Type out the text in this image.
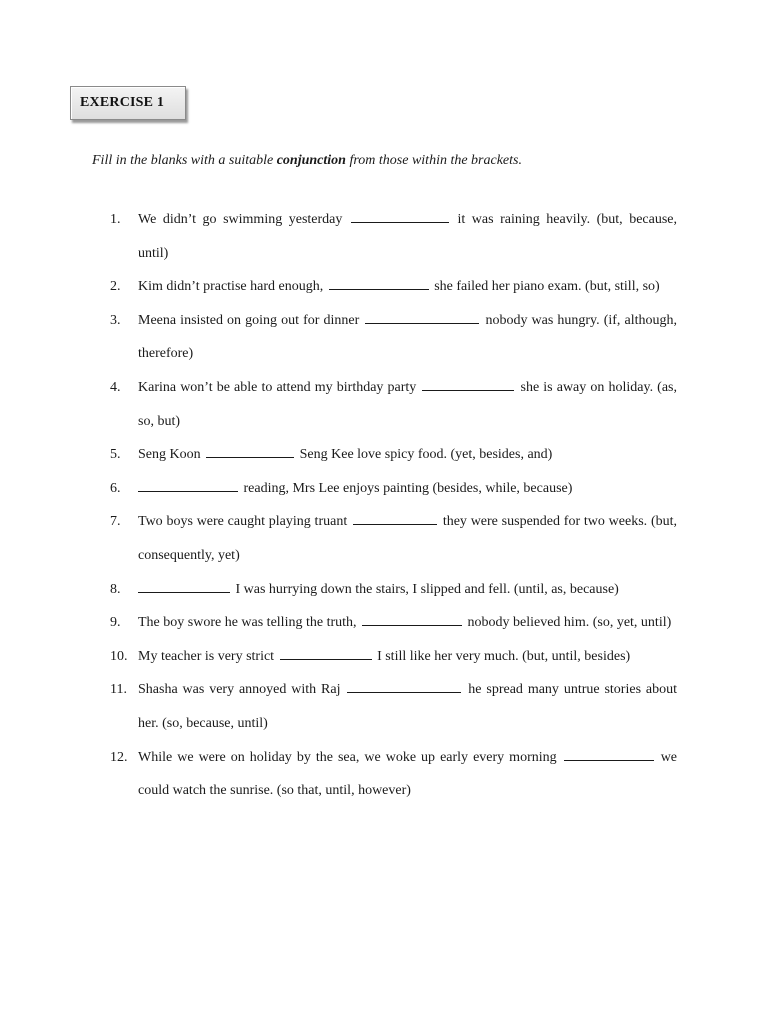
EXERCISE 1
Fill in the blanks with a suitable conjunction from those within the brackets.
1.	We didn’t go swimming yesterday	it was raining heavily. (but, because, until)
2.	Kim didn’t practise hard enough,	she failed her piano exam. (but, still, so)
3.	Meena insisted on going out for dinner	nobody was hungry. (if, although, therefore)
4.	Karina won’t be able to attend my birthday party	she is away on holiday. (as, so, but)
5.	Seng Koon	Seng Kee love spicy food. (yet, besides, and)
6.	reading, Mrs Lee enjoys painting (besides, while, because)
7.	Two boys were caught playing truant	they were suspended for two weeks. (but, consequently, yet)
8.	I was hurrying down the stairs, I slipped and fell. (until, as, because)
9.	The boy swore he was telling the truth,	nobody believed him. (so, yet, until)
10. My teacher is very strict	I still like her very much. (but, until, besides)
11. Shasha was very annoyed with Raj	he spread many untrue stories about her. (so, because, until)
12. While we were on holiday by the sea, we woke up early every morning	we could watch the sunrise. (so that, until, however)
